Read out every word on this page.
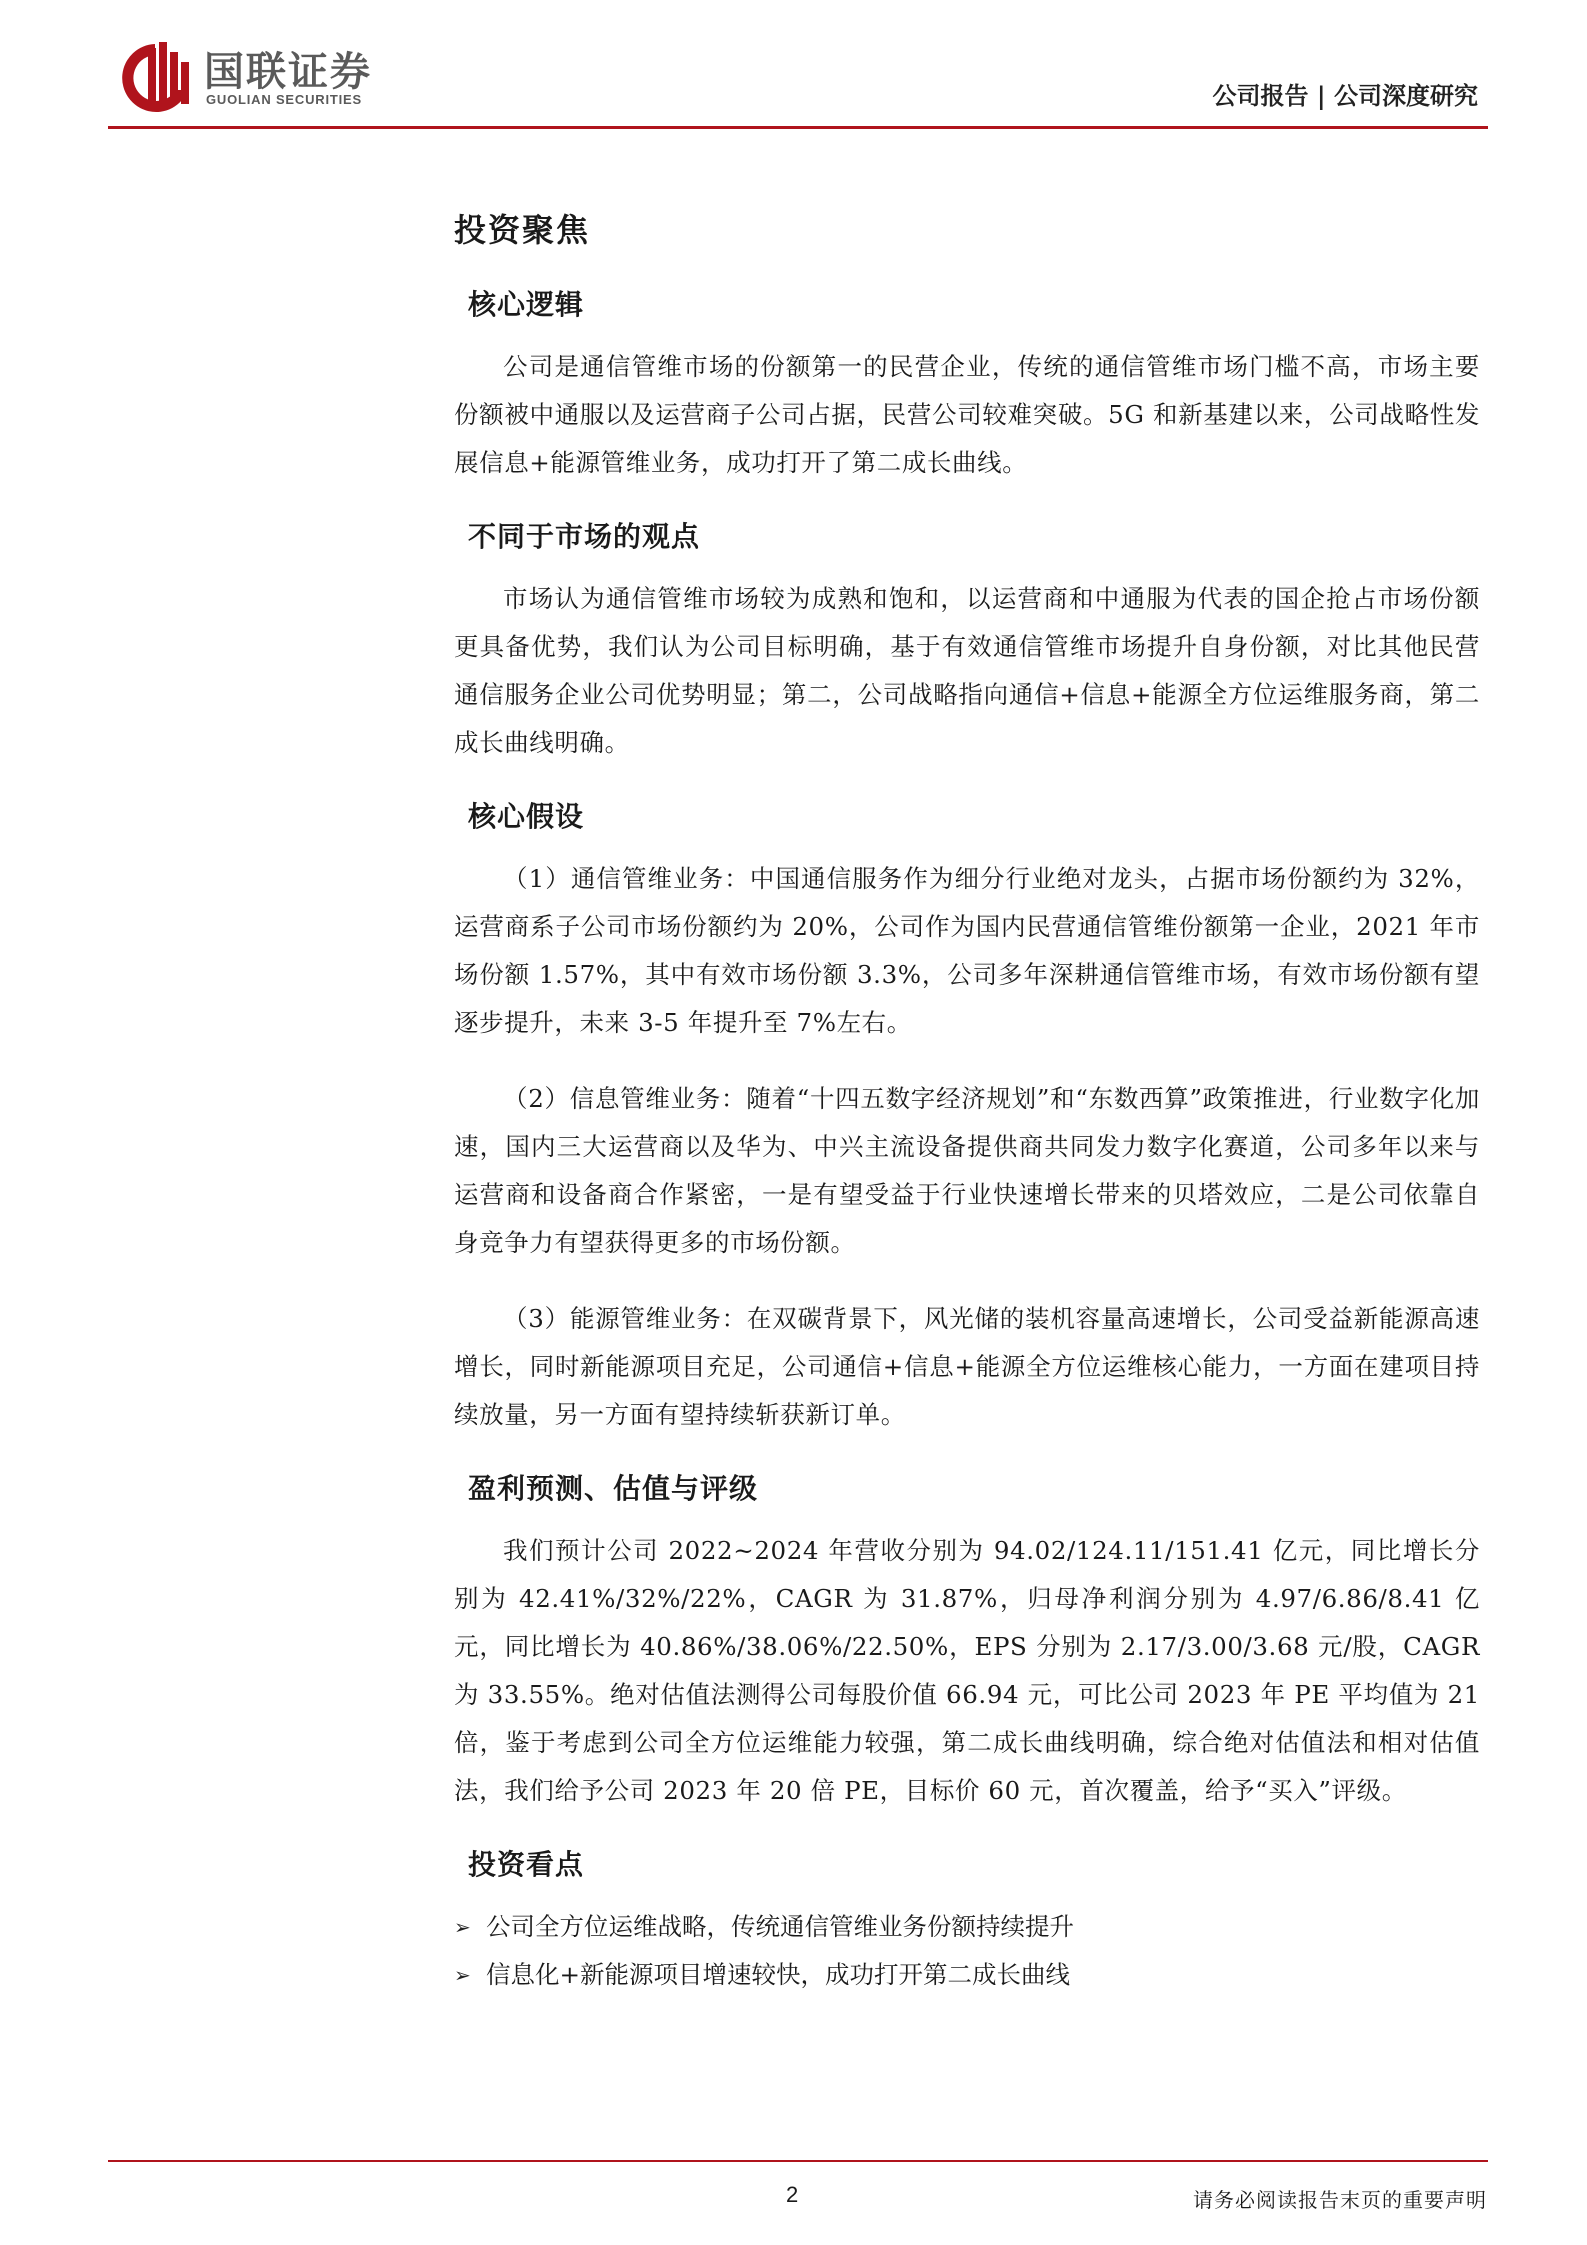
国联证券
GUOLIAN SECURITIES	公司报告 | 公司深度研究
投资聚焦
核心逻辑

公司是通信管维市场的份额第一的民营企业，传统的通信管维市场门槛不高，市场主要份额被中通服以及运营商子公司占据，民营公司较难突破。5G 和新基建以来，公司战略性发展信息+能源管维业务，成功打开了第二成长曲线。

不同于市场的观点

市场认为通信管维市场较为成熟和饱和，以运营商和中通服为代表的国企抢占市场份额更具备优势，我们认为公司目标明确，基于有效通信管维市场提升自身份额，对比其他民营通信服务企业公司优势明显；第二，公司战略指向通信+信息+能源全方位运维服务商，第二成长曲线明确。

核心假设

（1）通信管维业务：中国通信服务作为细分行业绝对龙头，占据市场份额约为 32%，运营商系子公司市场份额约为 20%，公司作为国内民营通信管维份额第一企业，2021 年市场份额 1.57%，其中有效市场份额 3.3%，公司多年深耕通信管维市场，有效市场份额有望逐步提升，未来 3-5 年提升至 7%左右。

（2）信息管维业务：随着“十四五数字经济规划”和“东数西算”政策推进，行业数字化加速，国内三大运营商以及华为、中兴主流设备提供商共同发力数字化赛道，公司多年以来与运营商和设备商合作紧密，一是有望受益于行业快速增长带来的贝塔效应，二是公司依靠自身竞争力有望获得更多的市场份额。

（3）能源管维业务：在双碳背景下，风光储的装机容量高速增长，公司受益新能源高速增长，同时新能源项目充足，公司通信+信息+能源全方位运维核心能力，一方面在建项目持续放量，另一方面有望持续斩获新订单。

盈利预测、估值与评级

我们预计公司 2022~2024 年营收分别为 94.02/124.11/151.41 亿元，同比增长分别为 42.41%/32%/22%，CAGR 为 31.87%，归母净利润分别为 4.97/6.86/8.41 亿元，同比增长为 40.86%/38.06%/22.50%，EPS 分别为 2.17/3.00/3.68 元/股，CAGR 为 33.55%。绝对估值法测得公司每股价值 66.94 元，可比公司 2023 年 PE 平均值为 21 倍，鉴于考虑到公司全方位运维能力较强，第二成长曲线明确，综合绝对估值法和相对估值法，我们给予公司 2023 年 20 倍 PE，目标价 60 元，首次覆盖，给予“买入”评级。

投资看点
➢ 公司全方位运维战略，传统通信管维业务份额持续提升
➢ 信息化+新能源项目增速较快，成功打开第二成长曲线
2	请务必阅读报告末页的重要声明
